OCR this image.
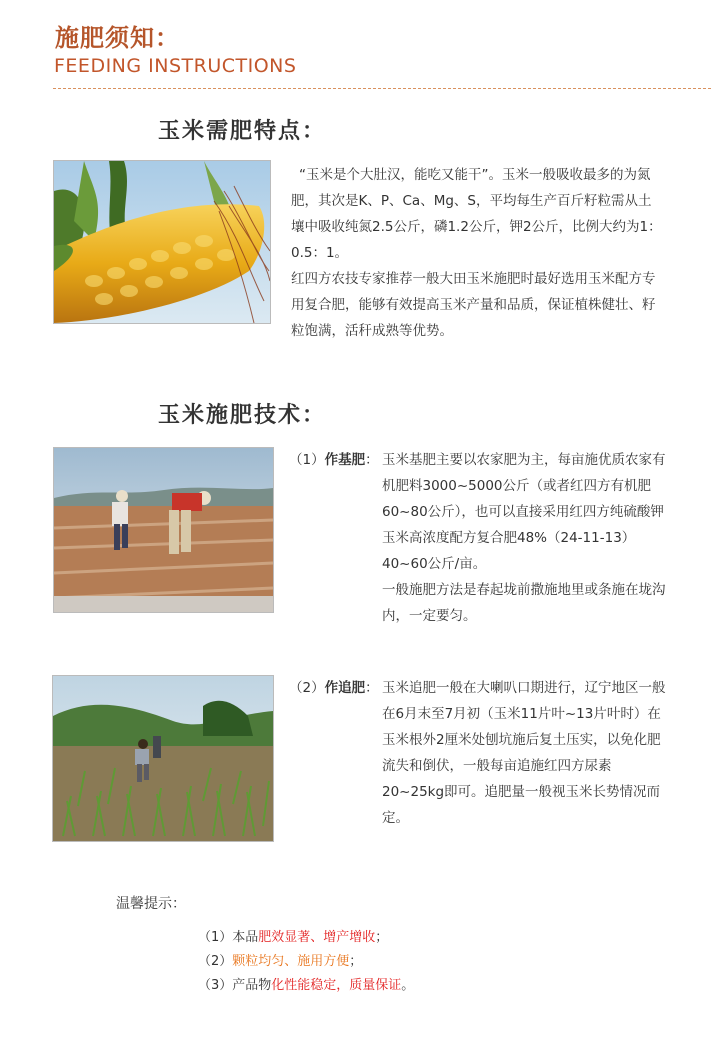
施肥须知：
FEEDING INSTRUCTIONS
玉米需肥特点：
“玉米是个大肚汉，能吃又能干”。玉米一般吸收最多的为氮肥，其次是K、P、Ca、Mg、S，平均每生产百斤籽粒需从土壤中吸收纯氮2.5公斤，磷1.2公斤，钾2公斤，比例大约为1：0.5：1。
红四方农技专家推荐一般大田玉米施肥时最好选用玉米配方专用复合肥，能够有效提高玉米产量和品质，保证植株健壮、籽粒饱满，活秆成熟等优势。
玉米施肥技术：
（1）作基肥： 玉米基肥主要以农家肥为主，每亩施优质农家有机肥料3000~5000公斤（或者红四方有机肥60~80公斤），也可以直接采用红四方纯硫酸钾玉米高浓度配方复合肥48%（24-11-13）40~60公斤/亩。
一般施肥方法是春起垅前撒施地里或条施在垅沟内，一定要匀。
（2）作追肥： 玉米追肥一般在大喇叭口期进行，辽宁地区一般在6月末至7月初（玉米11片叶~13片叶时）在玉米根外2厘米处刨坑施后复土压实，以免化肥流失和倒伏，一般每亩追施红四方尿素20~25kg即可。追肥量一般视玉米长势情况而定。
温馨提示：
（1）本品肥效显著、增产增收；
（2）颗粒均匀、施用方便；
（3）产品物化性能稳定，质量保证。
